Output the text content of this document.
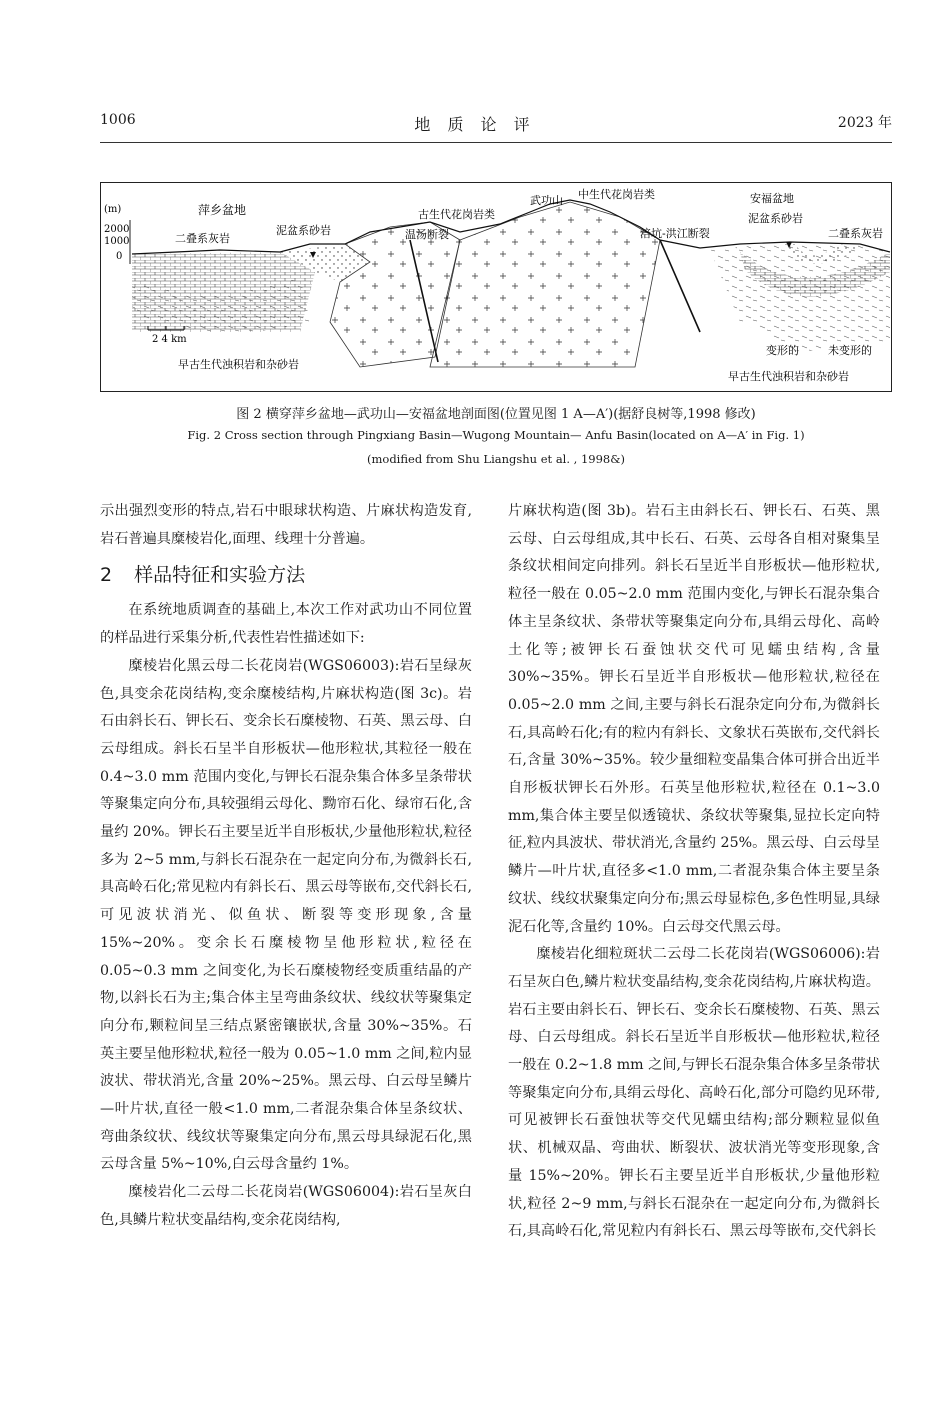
1006	地 质 论 评	2023 年
(m)
2000
1000
0
2 4 km
萍乡盆地
二叠系灰岩
泥盆系砂岩
古生代花岗岩类
温汤断裂
武功山 中生代花岗岩类
涪坑-洪江断裂
安福盆地
泥盆系砂岩
二叠系灰岩
早古生代浊积岩和杂砂岩
变形的	未变形的
早古生代浊积岩和杂砂岩
图 2 横穿萍乡盆地—武功山—安福盆地剖面图(位置见图 1 A—A′)(据舒良树等,1998 修改)
Fig. 2 Cross section through Pingxiang Basin—Wugong Mountain— Anfu Basin(located on A—A′ in Fig. 1)
(modified from Shu Liangshu et al. , 1998&)

示出强烈变形的特点,岩石中眼球状构造、片麻状构造发育,岩石普遍具糜棱岩化,面理、线理十分普遍。

2 样品特征和实验方法

在系统地质调查的基础上,本次工作对武功山不同位置的样品进行采集分析,代表性岩性描述如下:

糜棱岩化黑云母二长花岗岩(WGS06003):岩石呈绿灰色,具变余花岗结构,变余糜棱结构,片麻状构造(图 3c)。岩石由斜长石、钾长石、变余长石糜棱物、石英、黑云母、白云母组成。斜长石呈半自形板状—他形粒状,其粒径一般在 0.4~3.0 mm 范围内变化,与钾长石混杂集合体多呈条带状等聚集定向分布,具较强绢云母化、黝帘石化、绿帘石化,含量约 20%。钾长石主要呈近半自形板状,少量他形粒状,粒径多为 2~5 mm,与斜长石混杂在一起定向分布,为微斜长石,具高岭石化;常见粒内有斜长石、黑云母等嵌布,交代斜长石,可见波状消光、似鱼状、断裂等变形现象,含量 15%~20%。变余长石糜棱物呈他形粒状,粒径在 0.05~0.3 mm 之间变化,为长石糜棱物经变质重结晶的产物,以斜长石为主;集合体主呈弯曲条纹状、线纹状等聚集定向分布,颗粒间呈三结点紧密镶嵌状,含量 30%~35%。石英主要呈他形粒状,粒径一般为 0.05~1.0 mm 之间,粒内显波状、带状消光,含量 20%~25%。黑云母、白云母呈鳞片—叶片状,直径一般<1.0 mm,二者混杂集合体呈条纹状、弯曲条纹状、线纹状等聚集定向分布,黑云母具绿泥石化,黑云母含量 5%~10%,白云母含量约 1%。

糜棱岩化二云母二长花岗岩(WGS06004):岩石呈灰白色,具鳞片粒状变晶结构,变余花岗结构,

片麻状构造(图 3b)。岩石主由斜长石、钾长石、石英、黑云母、白云母组成,其中长石、石英、云母各自相对聚集呈条纹状相间定向排列。斜长石呈近半自形板状—他形粒状,粒径一般在 0.05~2.0 mm 范围内变化,与钾长石混杂集合体主呈条纹状、条带状等聚集定向分布,具绢云母化、高岭土化等;被钾长石蚕蚀状交代可见蠕虫结构,含量 30%~35%。钾长石呈近半自形板状—他形粒状,粒径在 0.05~2.0 mm 之间,主要与斜长石混杂定向分布,为微斜长石,具高岭石化;有的粒内有斜长、文象状石英嵌布,交代斜长石,含量 30%~35%。较少量细粒变晶集合体可拼合出近半自形板状钾长石外形。石英呈他形粒状,粒径在 0.1~3.0 mm,集合体主要呈似透镜状、条纹状等聚集,显拉长定向特征,粒内具波状、带状消光,含量约 25%。黑云母、白云母呈鳞片—叶片状,直径多<1.0 mm,二者混杂集合体主要呈条纹状、线纹状聚集定向分布;黑云母显棕色,多色性明显,具绿泥石化等,含量约 10%。白云母交代黑云母。

糜棱岩化细粒斑状二云母二长花岗岩(WGS06006):岩石呈灰白色,鳞片粒状变晶结构,变余花岗结构,片麻状构造。岩石主要由斜长石、钾长石、变余长石糜棱物、石英、黑云母、白云母组成。斜长石呈近半自形板状—他形粒状,粒径一般在 0.2~1.8 mm 之间,与钾长石混杂集合体多呈条带状等聚集定向分布,具绢云母化、高岭石化,部分可隐约见环带,可见被钾长石蚕蚀状等交代见蠕虫结构;部分颗粒显似鱼状、机械双晶、弯曲状、断裂状、波状消光等变形现象,含量 15%~20%。钾长石主要呈近半自形板状,少量他形粒状,粒径 2~9 mm,与斜长石混杂在一起定向分布,为微斜长石,具高岭石化,常见粒内有斜长石、黑云母等嵌布,交代斜长
